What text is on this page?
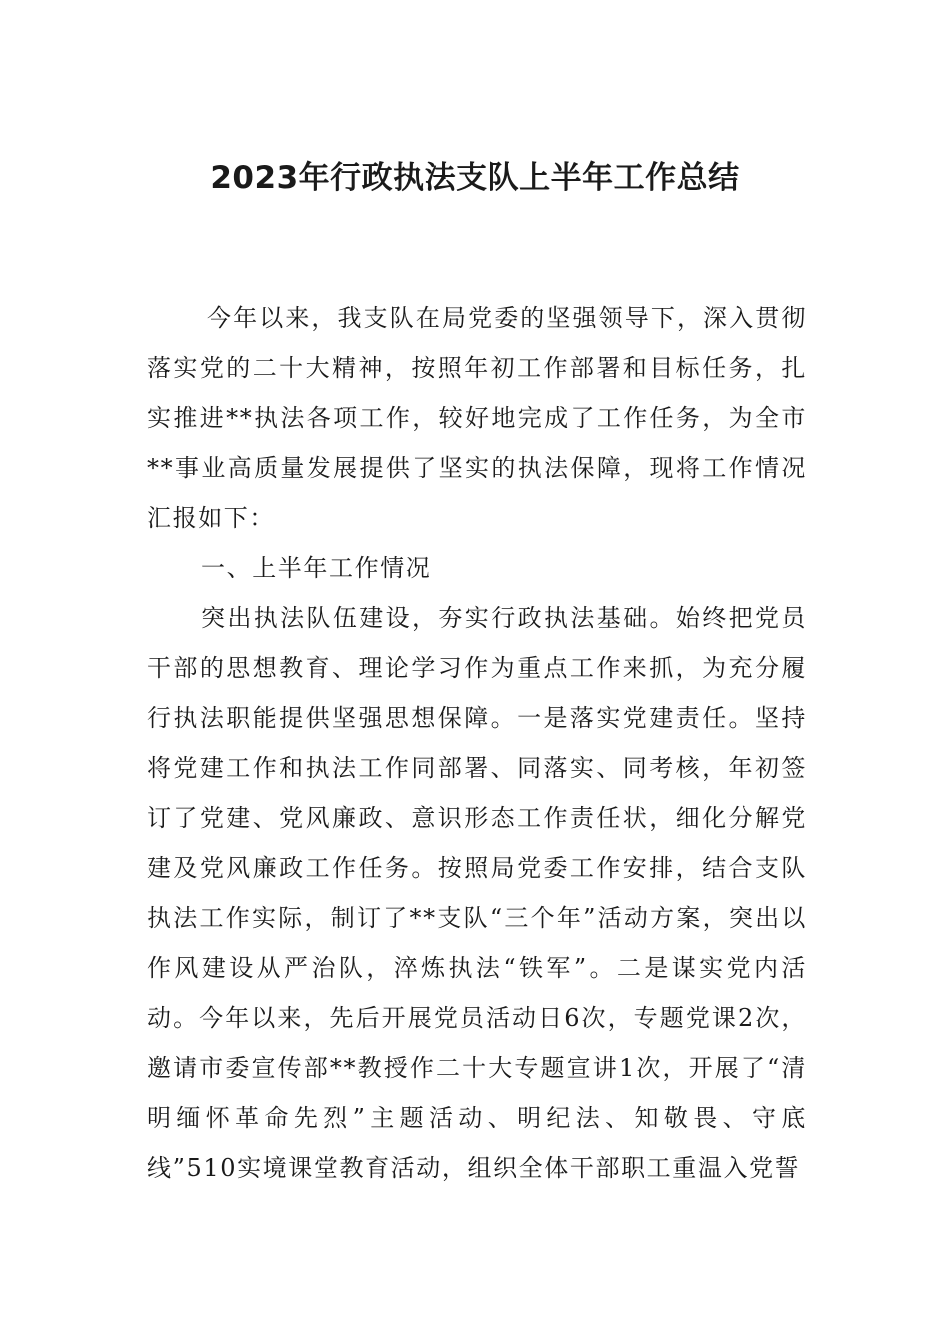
2023年行政执法支队上半年工作总结

今年以来，我支队在局党委的坚强领导下，深入贯彻落实党的二十大精神，按照年初工作部署和目标任务，扎实推进**执法各项工作，较好地完成了工作任务，为全市**事业高质量发展提供了坚实的执法保障，现将工作情况汇报如下：

一、上半年工作情况

突出执法队伍建设，夯实行政执法基础。始终把党员干部的思想教育、理论学习作为重点工作来抓，为充分履行执法职能提供坚强思想保障。一是落实党建责任。坚持将党建工作和执法工作同部署、同落实、同考核，年初签订了党建、党风廉政、意识形态工作责任状，细化分解党建及党风廉政工作任务。按照局党委工作安排，结合支队执法工作实际，制订了**支队“三个年”活动方案，突出以作风建设从严治队，淬炼执法“铁军”。二是谋实党内活动。今年以来，先后开展党员活动日6次，专题党课2次，邀请市委宣传部**教授作二十大专题宣讲1次，开展了“清明缅怀革命先烈”主题活动、明纪法、知敬畏、守底线”510实境课堂教育活动，组织全体干部职工重温入党誓
